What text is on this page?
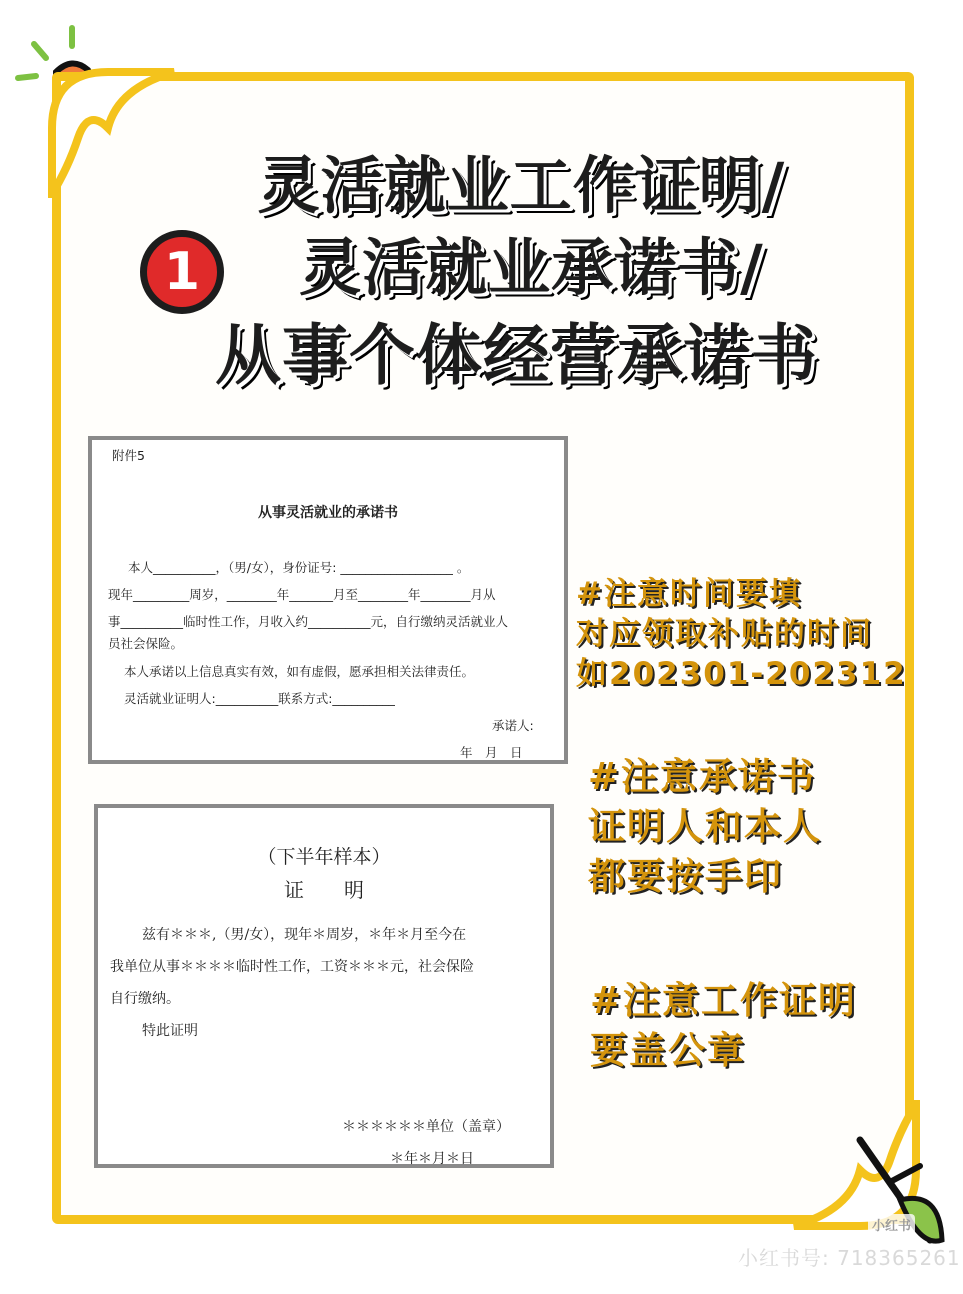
灵活就业工作证明/
1	灵活就业承诺书/
从事个体经营承诺书
附件5
从事灵活就业的承诺书
本人__________，（男/女），身份证号: __________________ 。
现年_________周岁，________年_______月至________年________月从
事__________临时性工作，月收入约__________元，自行缴纳灵活就业人
员社会保险。
本人承诺以上信息真实有效，如有虚假，愿承担相关法律责任。
灵活就业证明人:__________联系方式:__________
承诺人:
年　月　日
（下半年样本）
证　　明
兹有＊＊＊,（男/女），现年＊周岁，＊年＊月至今在
我单位从事＊＊＊＊临时性工作，工资＊＊＊元，社会保险
自行缴纳。
特此证明
＊＊＊＊＊＊单位（盖章）
＊年＊月＊日
#注意时间要填
对应领取补贴的时间
如202301-202312
#注意承诺书
证明人和本人
都要按手印
#注意工作证明
要盖公章
小红书
小红书号: 718365261
